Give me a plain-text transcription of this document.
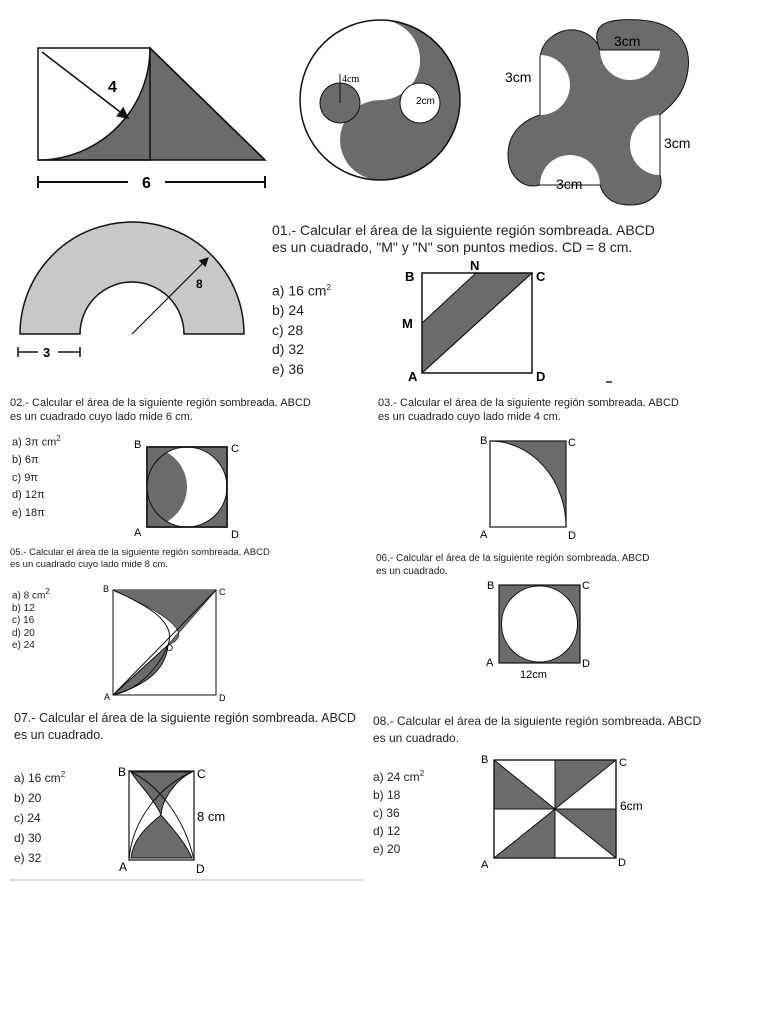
4
6
4cm
2cm
3cm
3cm
3cm
3cm
8
3
B
N
C
M
A	D
B	C
A	D
B	C
A	D
B	C
O
A	D
B	C
A	D
12cm
B	C
8 cm
A	D
B	C
6cm
A	D
01.- Calcular el área de la siguiente región sombreada. ABCD
es un cuadrado, "M" y "N" son puntos medios. CD = 8 cm.
a) 16 $cm^2$
b) 24
c) 28
d) 32
e) 36
02.- Calcular el área de la siguiente región sombreada. ABCD
es un cuadrado cuyo lado mide 6 cm.
a) 3π $cm^2$
b) 6π
c) 9π
d) 12π
e) 18π
03.- Calcular el área de la siguiente región sombreada. ABCD
es un cuadrado cuyo lado mide 4 cm.
05.- Calcular el área de la siguiente región sombreada, ABCD
es un cuadrado cuyo lado mide 8 cm.
a) 8 $cm^2$
b) 12
c) 16
d) 20
e) 24
06.- Calcular el área de la siguiente región sombreada. ABCD
es un cuadrado.
07.- Calcular el área de la siguiente región sombreada. ABCD
es un cuadrado.
a) 16 $cm^2$
b) 20
c) 24
d) 30
e) 32
08.- Calcular el área de la siguiente región sombreada. ABCD
es un cuadrado.
a) 24 $cm^2$
b) 18
c) 36
d) 12
e) 20
